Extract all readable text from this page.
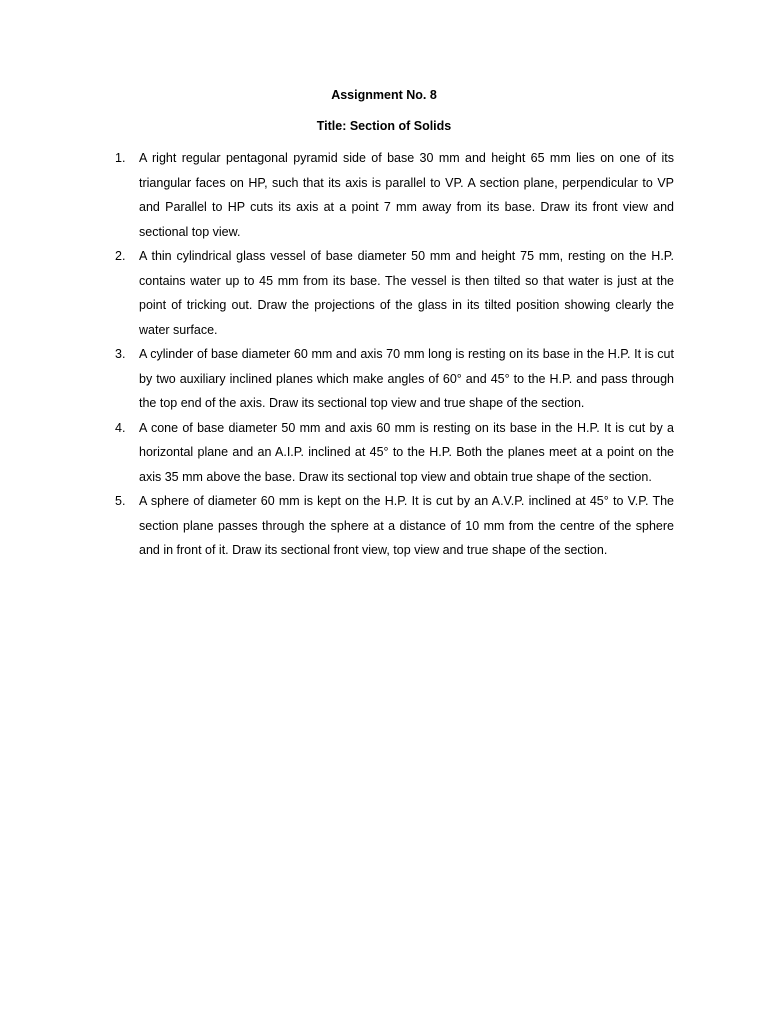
Assignment No. 8
Title: Section of Solids
1. A right regular pentagonal pyramid side of base 30 mm and height 65 mm lies on one of its triangular faces on HP, such that its axis is parallel to VP. A section plane, perpendicular to VP and Parallel to HP cuts its axis at a point 7 mm away from its base. Draw its front view and sectional top view.
2. A thin cylindrical glass vessel of base diameter 50 mm and height 75 mm, resting on the H.P. contains water up to 45 mm from its base. The vessel is then tilted so that water is just at the point of tricking out. Draw the projections of the glass in its tilted position showing clearly the water surface.
3. A cylinder of base diameter 60 mm and axis 70 mm long is resting on its base in the H.P. It is cut by two auxiliary inclined planes which make angles of 60° and 45° to the H.P. and pass through the top end of the axis. Draw its sectional top view and true shape of the section.
4. A cone of base diameter 50 mm and axis 60 mm is resting on its base in the H.P. It is cut by a horizontal plane and an A.I.P. inclined at 45° to the H.P. Both the planes meet at a point on the axis 35 mm above the base. Draw its sectional top view and obtain true shape of the section.
5. A sphere of diameter 60 mm is kept on the H.P. It is cut by an A.V.P. inclined at 45° to V.P. The section plane passes through the sphere at a distance of 10 mm from the centre of the sphere and in front of it. Draw its sectional front view, top view and true shape of the section.
